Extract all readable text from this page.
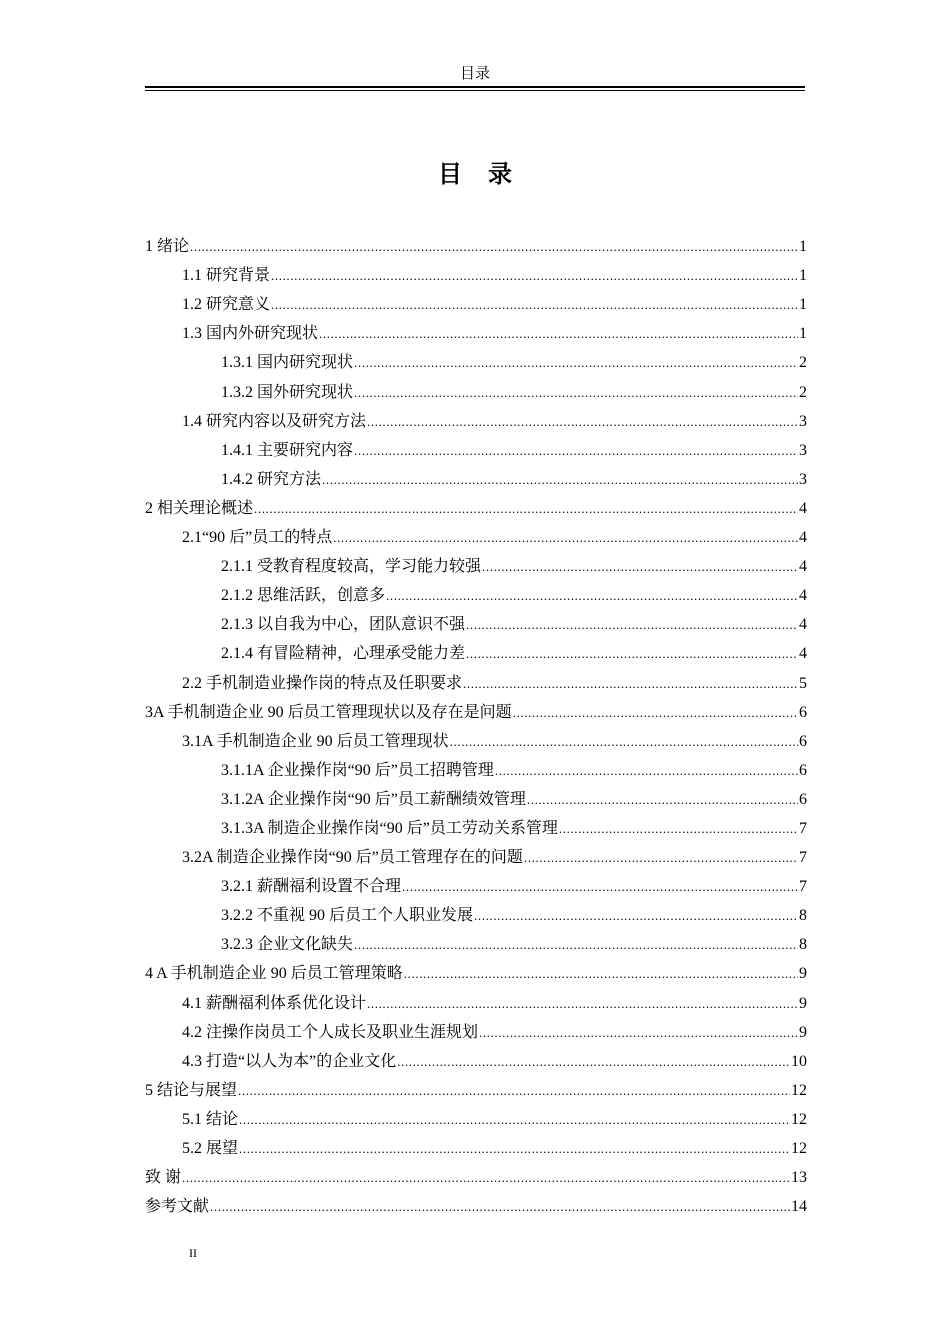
目录
目录
1 绪论 .....	1
1.1 研究背景 .....	1
1.2 研究意义 .....	1
1.3 国内外研究现状 .....	1
1.3.1 国内研究现状 .....	2
1.3.2 国外研究现状 .....	2
1.4 研究内容以及研究方法 .....	3
1.4.1 主要研究内容 .....	3
1.4.2 研究方法 .....	3
2 相关理论概述 .....	4
2.1“90 后”员工的特点 .....	4
2.1.1 受教育程度较高，学习能力较强 .....	4
2.1.2 思维活跃，创意多 .....	4
2.1.3 以自我为中心，团队意识不强 .....	4
2.1.4 有冒险精神，心理承受能力差 .....	4
2.2 手机制造业操作岗的特点及任职要求 .....	5
3A 手机制造企业 90 后员工管理现状以及存在是问题 .....	6
3.1A 手机制造企业 90 后员工管理现状 .....	6
3.1.1A 企业操作岗“90 后”员工招聘管理 .....	6
3.1.2A 企业操作岗“90 后”员工薪酬绩效管理 .....	6
3.1.3A 制造企业操作岗“90 后”员工劳动关系管理 .....	7
3.2A 制造企业操作岗“90 后”员工管理存在的问题 .....	7
3.2.1 薪酬福利设置不合理 .....	7
3.2.2 不重视 90 后员工个人职业发展 .....	8
3.2.3 企业文化缺失 .....	8
4 A 手机制造企业 90 后员工管理策略 .....	9
4.1 薪酬福利体系优化设计 .....	9
4.2 注操作岗员工个人成长及职业生涯规划 .....	9
4.3 打造“以人为本”的企业文化 .....	10
5 结论与展望 .....	12
5.1 结论 .....	12
5.2 展望 .....	12
致 谢 .....	13
参考文献 .....	14
II
